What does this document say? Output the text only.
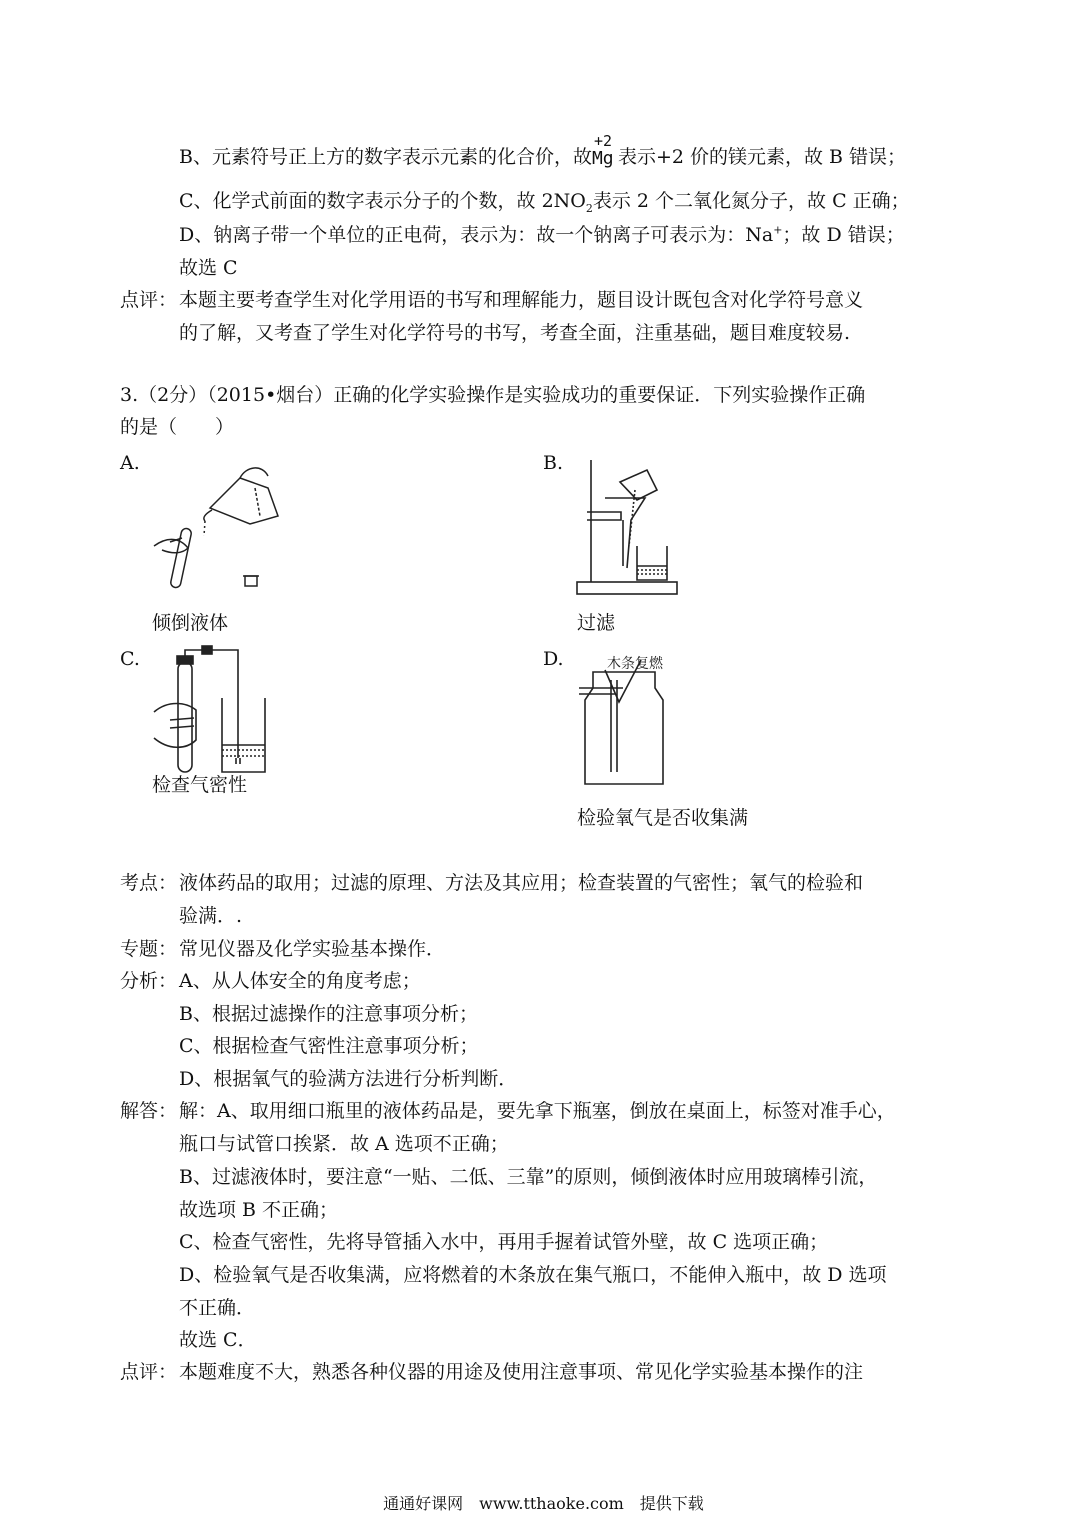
B、元素符号正上方的数字表示元素的化合价，故
+2
Mg 表示+2 价的镁元素，故 B 错误；
C、化学式前面的数字表示分子的个数，故 $2NO_2$表示 2 个二氧化氮分子，故 C 正确；
D、钠离子带一个单位的正电荷，表示为：故一个钠离子可表示为：Na+；故 D 错误；
故选 C
点评： 本题主要考查学生对化学用语的书写和理解能力，题目设计既包含对化学符号意义
的了解，又考查了学生对化学符号的书写，考查全面，注重基础，题目难度较易.
3.（2分）（2015•烟台）正确的化学实验操作是实验成功的重要保证．下列实验操作正确
的是（　　）
A.
倾倒液体
B.
过滤
C.
检查气密性
D.	木条复燃
检验氧气是否收集满
考点： 液体药品的取用；过滤的原理、方法及其应用；检查装置的气密性；氧气的检验和
验满．.
专题： 常见仪器及化学实验基本操作．
分析： A、从人体安全的角度考虑；
B、根据过滤操作的注意事项分析；
C、根据检查气密性注意事项分析；
D、根据氧气的验满方法进行分析判断．
解答： 解：A、取用细口瓶里的液体药品是，要先拿下瓶塞，倒放在桌面上，标签对准手心，
瓶口与试管口挨紧．故 A 选项不正确；
B、过滤液体时，要注意“一贴、二低、三靠”的原则，倾倒液体时应用玻璃棒引流，
故选项 B 不正确；
C、检查气密性，先将导管插入水中，再用手握着试管外壁，故 C 选项正确；
D、检验氧气是否收集满，应将燃着的木条放在集气瓶口，不能伸入瓶中，故 D 选项
不正确．
故选 C．
点评： 本题难度不大，熟悉各种仪器的用途及使用注意事项、常见化学实验基本操作的注
通通好课网　www.tthaoke.com　提供下载
